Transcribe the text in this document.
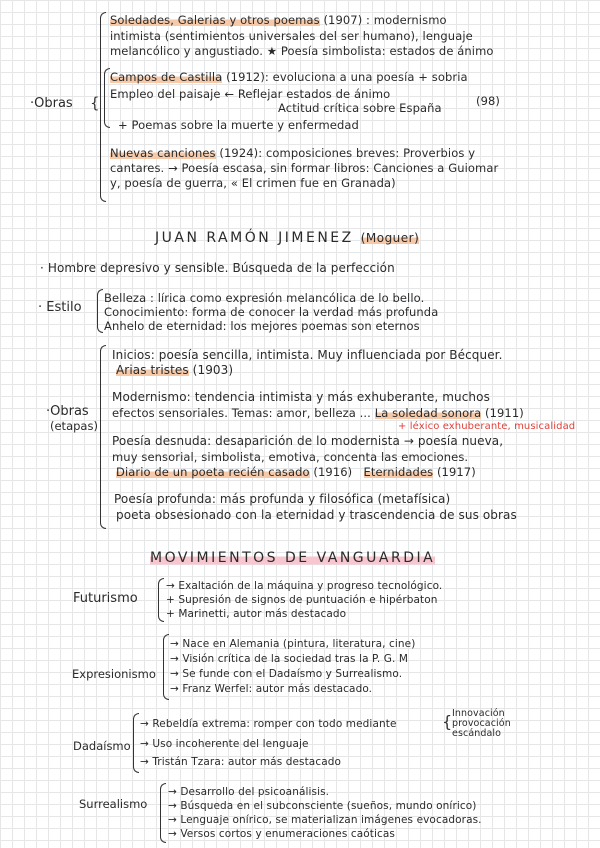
·Obras {
Soledades, Galerias y otros poemas (1907) : modernismo
intimista (sentimientos universales del ser humano), lenguaje
melancólico y angustiado. ★ Poesía simbolista: estados de ánimo
Campos de Castilla (1912): evoluciona a una poesía + sobria
Empleo del paisaje ← Reflejar estados de ánimo
Actitud crítica sobre España	(98)
+ Poemas sobre la muerte y enfermedad
Nuevas canciones (1924): composiciones breves: Proverbios y
cantares. → Poesía escasa, sin formar libros: Canciones a Guiomar
y, poesía de guerra, « El crimen fue en Granada)
JUAN RAMÓN JIMENEZ (Moguer)
· Hombre depresivo y sensible. Búsqueda de la perfección
· Estilo
Belleza : lírica como expresión melancólica de lo bello.
Conocimiento: forma de conocer la verdad más profunda
Anhelo de eternidad: los mejores poemas son eternos
·Obras
(etapas)
Inicios: poesía sencilla, intimista. Muy influenciada por Bécquer.
Arias tristes (1903)
Modernismo: tendencia intimista y más exhuberante, muchos
efectos sensoriales. Temas: amor, belleza ... La soledad sonora (1911)
+ léxico exhuberante, musicalidad
Poesía desnuda: desaparición de lo modernista → poesía nueva,
muy sensorial, simbolista, emotiva, concenta las emociones.
Diario de un poeta recién casado (1916) Eternidades (1917)
Poesía profunda: más profunda y filosófica (metafísica)
poeta obsesionado con la eternidad y trascendencia de sus obras
MOVIMIENTOS DE VANGUARDIA
Futurismo
→ Exaltación de la máquina y progreso tecnológico.
+ Supresión de signos de puntuación e hipérbaton
+ Marinetti, autor más destacado
Expresionismo
→ Nace en Alemania (pintura, literatura, cine)
→ Visión crítica de la sociedad tras la P. G. M
→ Se funde con el Dadaísmo y Surrealismo.
→ Franz Werfel: autor más destacado.
Dadaísmo
→ Rebeldía extrema: romper con todo mediante
→ Uso incoherente del lenguaje
→ Tristán Tzara: autor más destacado
{ Innovación
provocación
escándalo
Surrealismo
→ Desarrollo del psicoanálisis.
→ Búsqueda en el subconsciente (sueños, mundo onírico)
→ Lenguaje onírico, se materializan imágenes evocadoras.
→ Versos cortos y enumeraciones caóticas
